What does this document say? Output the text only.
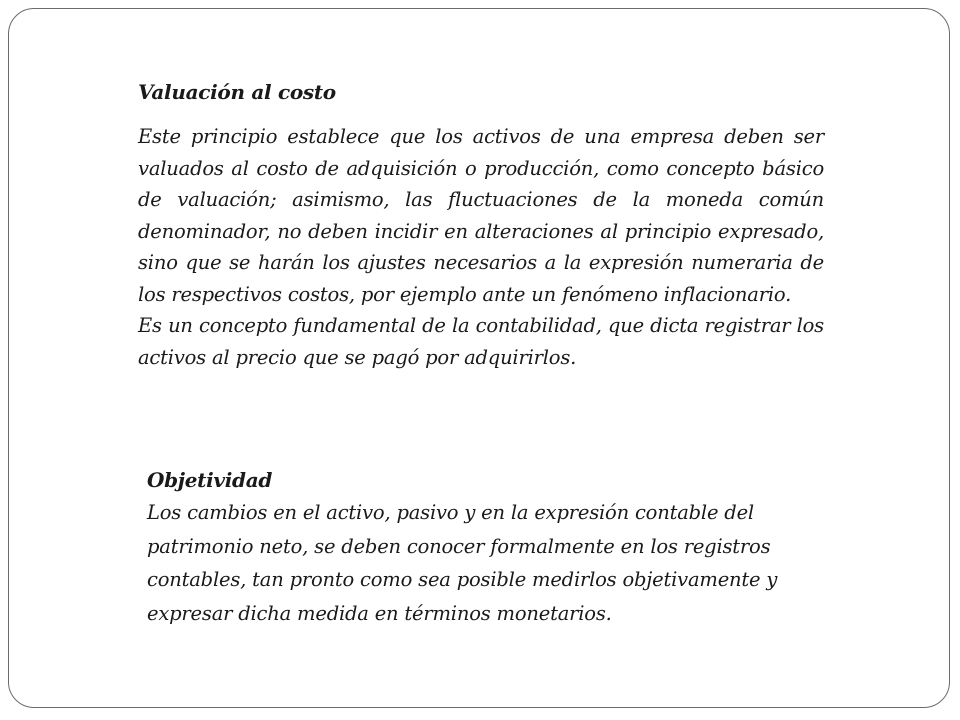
Valuación al costo

Este principio establece que los activos de una empresa deben ser valuados al costo de adquisición o producción, como concepto básico de valuación; asimismo, las fluctuaciones de la moneda común denominador, no deben incidir en alteraciones al principio expresado, sino que se harán los ajustes necesarios a la expresión numeraria de los respectivos costos, por ejemplo ante un fenómeno inflacionario.

Es un concepto fundamental de la contabilidad, que dicta registrar los activos al precio que se pagó por adquirirlos.

Objetividad

Los cambios en el activo, pasivo y en la expresión contable del patrimonio neto, se deben conocer formalmente en los registros contables, tan pronto como sea posible medirlos objetivamente y expresar dicha medida en términos monetarios.
